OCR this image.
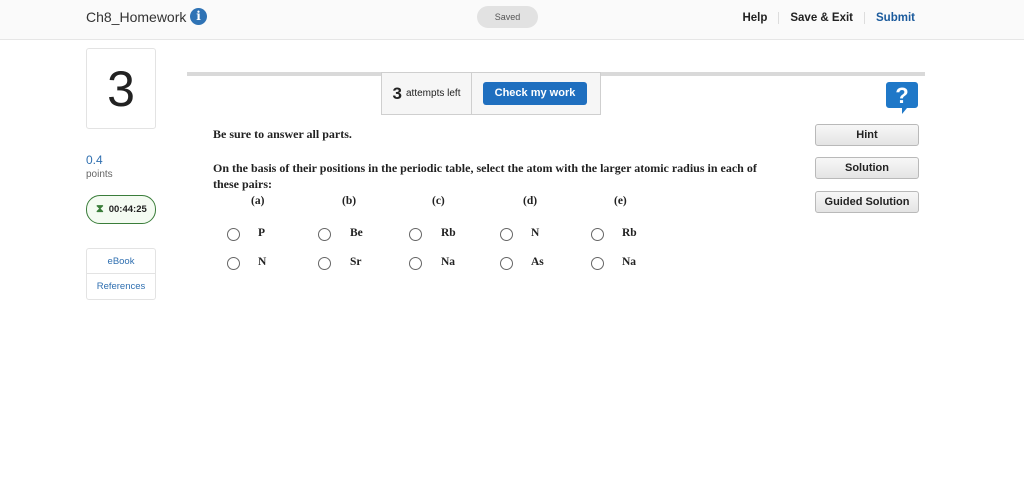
Ch8_Homework i	Saved	Help	Save & Exit	Submit
3
0.4
points
⧗ 00:44:25
eBook
References
3 attempts left	Check my work	?
Hint
Solution
Guided Solution
Be sure to answer all parts.
On the basis of their positions in the periodic table, select the atom with the larger atomic radius in each of these pairs:
(a)	(b)	(c)	(d)	(e)
P	Be	Rb	N	Rb
N	Sr	Na	As	Na
